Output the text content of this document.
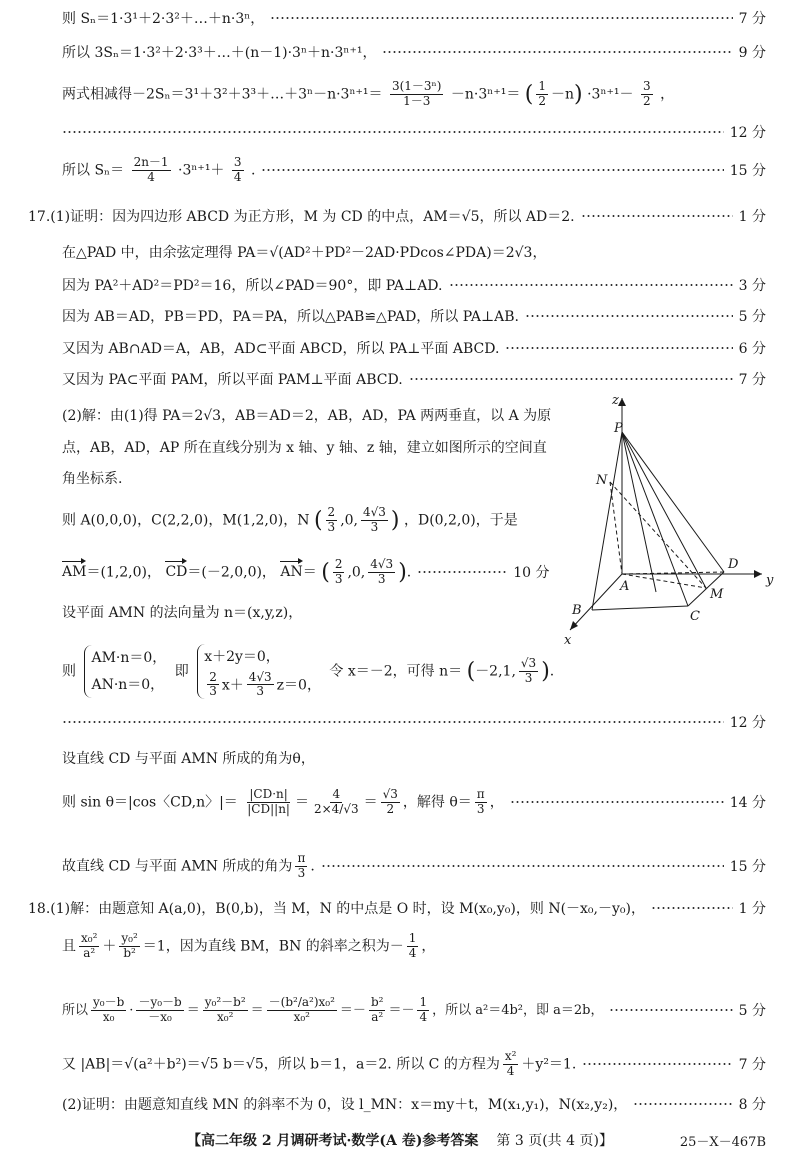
则 Sₙ＝1·3¹＋2·3²＋…＋n·3ⁿ，	7 分
所以 3Sₙ＝1·3²＋2·3³＋…＋(n－1)·3ⁿ＋n·3ⁿ⁺¹，	9 分
两式相减得－2Sₙ＝3¹＋3²＋3³＋…＋3ⁿ－n·3ⁿ⁺¹＝ $\frac{\text{3(1－3ⁿ)}}{1-3} -n\cdot 3^{n+1}=$ ( $\frac{1}{2} -n) \cdot 3^{n+1}- \frac{3}{2}$ ，
12 分
所以 $S_n= \frac{2n-1}{4} \cdot 3^{n+1}+ \frac{3}{4}$ .	15 分
17.(1)证明：因为四边形 ABCD 为正方形，M 为 CD 的中点，AM＝√5，所以 AD＝2.	1 分
在△PAD 中，由余弦定理得 PA＝√(AD²＋PD²－2AD·PDcos∠PDA)＝2√3，
因为 PA²＋AD²＝PD²＝16，所以∠PAD＝90°，即 PA⊥AD.	3 分
因为 AB＝AD，PB＝PD，PA＝PA，所以△PAB≌△PAD，所以 PA⊥AB.	5 分
又因为 AB∩AD＝A，AB，AD⊂平面 ABCD，所以 PA⊥平面 ABCD.	6 分
又因为 PA⊂平面 PAM，所以平面 PAM⊥平面 ABCD.	7 分
(2)解：由(1)得 PA＝2√3，AB＝AD＝2，AB，AD，PA 两两垂直，以 A 为原
点，AB，AD，AP 所在直线分别为 x 轴、y 轴、z 轴，建立如图所示的空间直
角坐标系.
则 A(0,0,0)，C(2,2,0)，M(1,2,0)，N ( $\frac{2}{3} ,0$, $\frac{4√3}{3}$ ) ，D(0,2,0)，于是
AM＝(1,2,0)， CD＝(－2,0,0)， AN＝ ( $\frac{2}{3} ,0$, $\frac{4√3}{3}$ ).	10 分
设平面 AMN 的法向量为 n＝(x,y,z)，
则
AM·n＝0，
AN·n＝0，
即
x＋2y＝0，
$\frac{2}{3} x+ \frac{4√3}{3} z=0$，
令 x＝－2，可得 n＝ (－2,1, $\frac{√3}{3}$ ).
12 分
设直线 CD 与平面 AMN 所成的角为θ，
则 sin θ＝|cos〈CD,n〉|＝ $\frac{|CD\cdot n|}{|CD||n|} = \frac{4}{2\times 4/√3} = \frac{√3}{2}$ ，解得 $\theta= \frac{\pi}{3}$ ，	14 分
故直线 CD 与平面 AMN 所成的角为 $\frac{\pi}{3}$ .	15 分
18.(1)解：由题意知 A(a,0)，B(0,b)，当 M，N 的中点是 O 时，设 M(x₀,y₀)，则 N(－x₀,－y₀)，	1 分
且 $\frac{\text{x₀²}}{\text{a²}} + \frac{\text{y₀²}}{\text{b²}} =1$，因为直线 BM，BN 的斜率之积为－ $\frac{1}{4}$ ，
所以 $\frac{\text{y₀－b}}{\text{x₀}} \cdot \frac{\text{－y₀－b}}{\text{－x₀}} = \frac{\text{y₀²－b²}}{\text{x₀²}} = \frac{\text{－(b²/a²)x₀²}}{\text{x₀²}} =- \frac{\text{b²}}{\text{a²}} =- \frac{1}{4}$ ，所以 a²＝4b²，即 a＝2b，	5 分
又 |AB|＝√(a²＋b²)＝√5 b＝√5，所以 b＝1，a＝2. 所以 C 的方程为 $\frac{\text{x²}}{4} +y^2=1$.	7 分
(2)证明：由题意知直线 MN 的斜率不为 0，设 l_MN：x＝my＋t，M(x₁,y₁)，N(x₂,y₂)，	8 分
【高二年级 2 月调研考试·数学(A 卷)参考答案 第 3 页(共 4 页)】	25－X－467B
z
y
x
P
N
A
B	C
D
M
